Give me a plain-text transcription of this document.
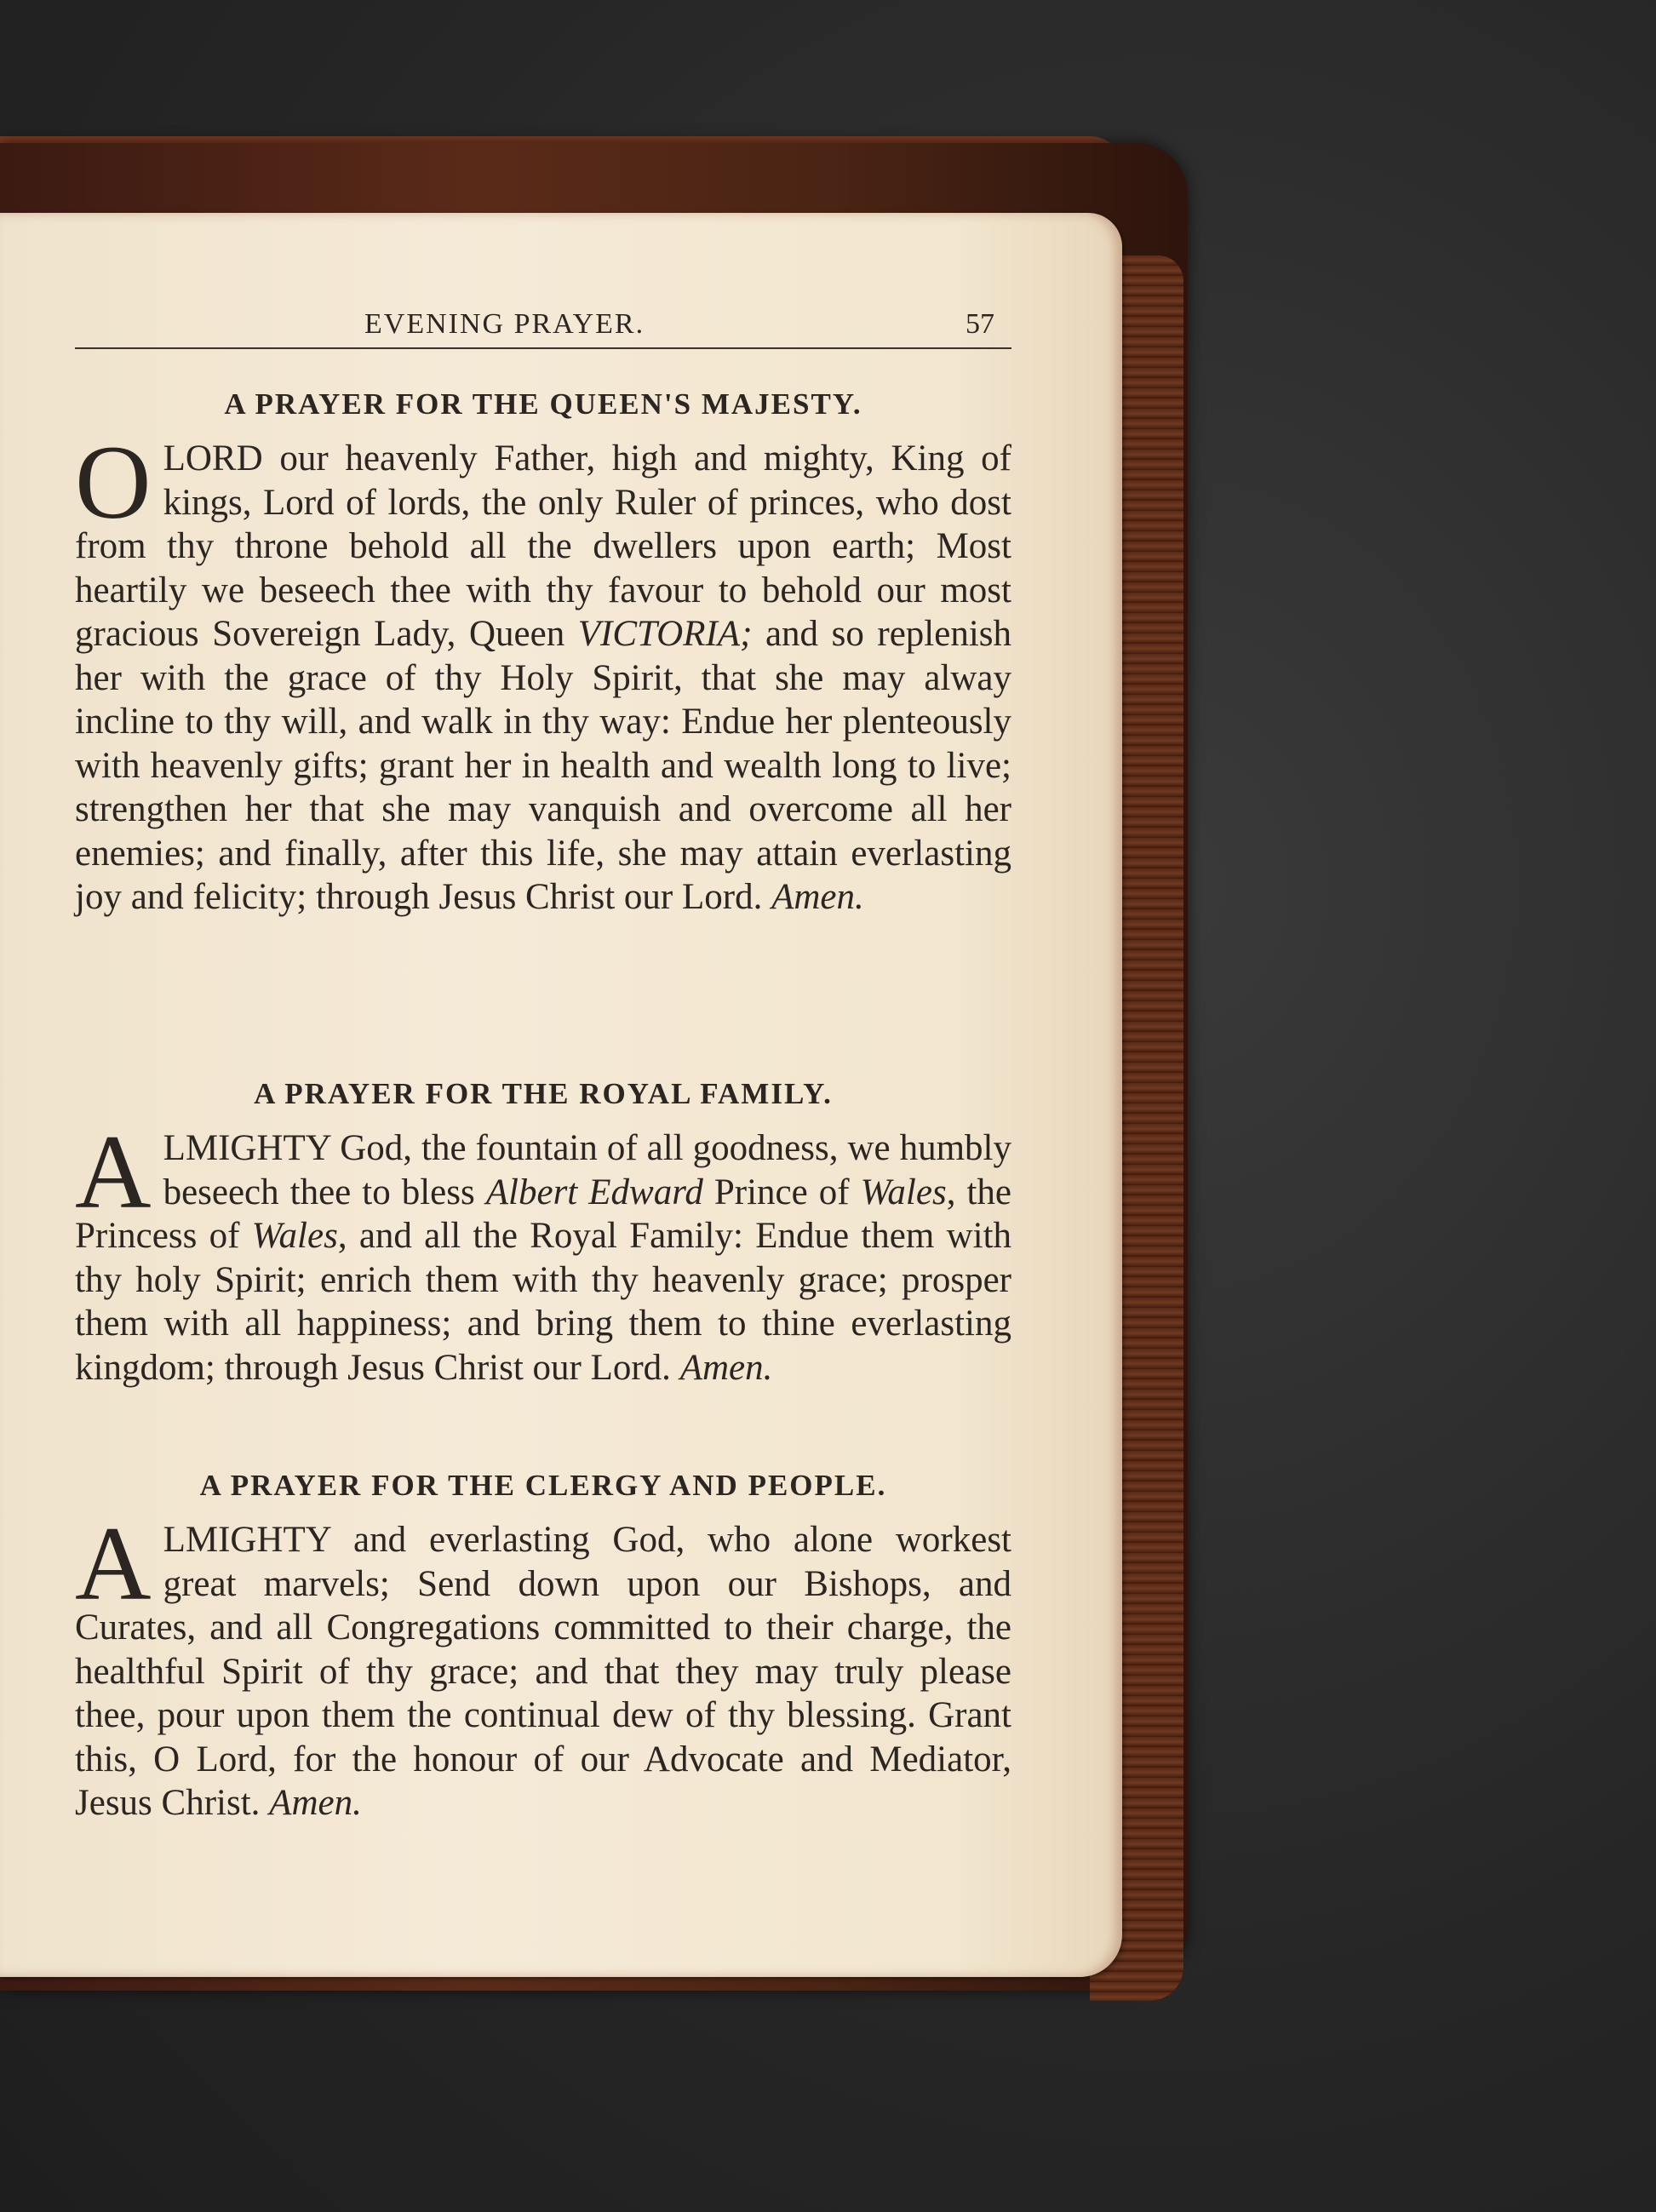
EVENING PRAYER.	57
A PRAYER FOR THE QUEEN'S MAJESTY.

OLORD our heavenly Father, high and mighty, King of kings, Lord of lords, the only Ruler of princes, who dost from thy throne behold all the dwellers upon earth; Most heartily we beseech thee with thy favour to behold our most gracious Sovereign Lady, Queen VICTORIA; and so replenish her with the grace of thy Holy Spirit, that she may alway incline to thy will, and walk in thy way: Endue her plenteously with heavenly gifts; grant her in health and wealth long to live; strengthen her that she may vanquish and overcome all her enemies; and finally, after this life, she may attain everlasting joy and felicity; through Jesus Christ our Lord. Amen.

A PRAYER FOR THE ROYAL FAMILY.

ALMIGHTY God, the fountain of all goodness, we humbly beseech thee to bless Albert Edward Prince of Wales, the Princess of Wales, and all the Royal Family: Endue them with thy holy Spirit; enrich them with thy heavenly grace; prosper them with all happiness; and bring them to thine everlasting kingdom; through Jesus Christ our Lord. Amen.

A PRAYER FOR THE CLERGY AND PEOPLE.

ALMIGHTY and everlasting God, who alone workest great marvels; Send down upon our Bishops, and Curates, and all Congregations committed to their charge, the healthful Spirit of thy grace; and that they may truly please thee, pour upon them the continual dew of thy blessing. Grant this, O Lord, for the honour of our Advocate and Mediator, Jesus Christ. Amen.
